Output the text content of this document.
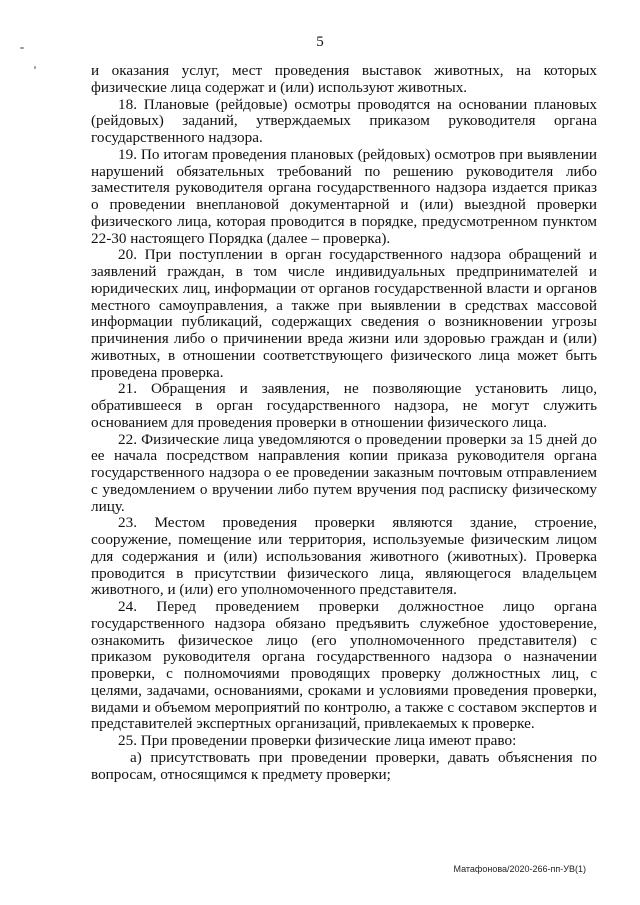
5

и оказания услуг, мест проведения выставок животных, на которых физические лица содержат и (или) используют животных.

18. Плановые (рейдовые) осмотры проводятся на основании плановых (рейдовых) заданий, утверждаемых приказом руководителя органа государственного надзора.

19. По итогам проведения плановых (рейдовых) осмотров при выявлении нарушений обязательных требований по решению руководителя либо заместителя руководителя органа государственного надзора издается приказ о проведении внеплановой документарной и (или) выездной проверки физического лица, которая проводится в порядке, предусмотренном пунктом 22-30 настоящего Порядка (далее – проверка).

20. При поступлении в орган государственного надзора обращений и заявлений граждан, в том числе индивидуальных предпринимателей и юридических лиц, информации от органов государственной власти и органов местного самоуправления, а также при выявлении в средствах массовой информации публикаций, содержащих сведения о возникновении угрозы причинения либо о причинении вреда жизни или здоровью граждан и (или) животных, в отношении соответствующего физического лица может быть проведена проверка.

21. Обращения и заявления, не позволяющие установить лицо, обратившееся в орган государственного надзора, не могут служить основанием для проведения проверки в отношении физического лица.

22. Физические лица уведомляются о проведении проверки за 15 дней до ее начала посредством направления копии приказа руководителя органа государственного надзора о ее проведении заказным почтовым отправлением с уведомлением о вручении либо путем вручения под расписку физическому лицу.

23. Местом проведения проверки являются здание, строение, сооружение, помещение или территория, используемые физическим лицом для содержания и (или) использования животного (животных). Проверка проводится в присутствии физического лица, являющегося владельцем животного, и (или) его уполномоченного представителя.

24. Перед проведением проверки должностное лицо органа государственного надзора обязано предъявить служебное удостоверение, ознакомить физическое лицо (его уполномоченного представителя) с приказом руководителя органа государственного надзора о назначении проверки, с полномочиями проводящих проверку должностных лиц, с целями, задачами, основаниями, сроками и условиями проведения проверки, видами и объемом мероприятий по контролю, а также с составом экспертов и представителей экспертных организаций, привлекаемых к проверке.

25. При проведении проверки физические лица имеют право:

а) присутствовать при проведении проверки, давать объяснения по вопросам, относящимся к предмету проверки;

Матафонова/2020-266-пп-УВ(1)
